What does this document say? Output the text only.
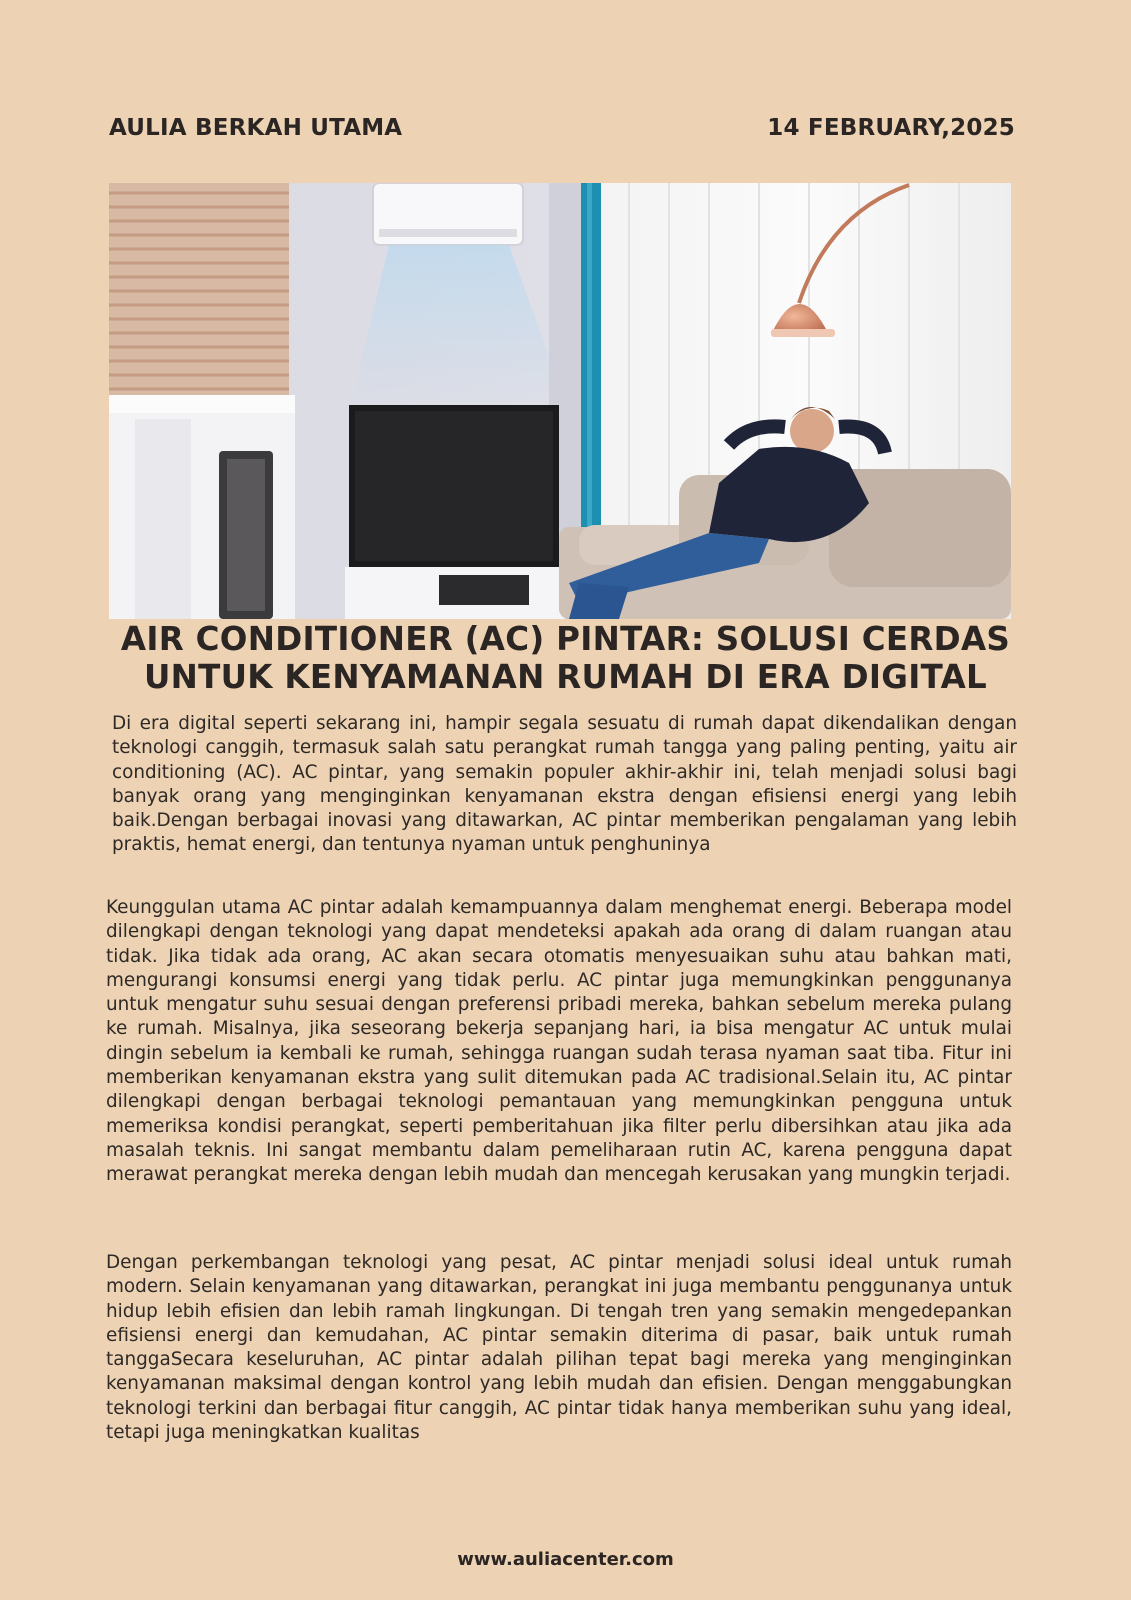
AULIA BERKAH UTAMA	14 FEBRUARY,2025
AIR CONDITIONER (AC) PINTAR: SOLUSI CERDAS UNTUK KENYAMANAN RUMAH DI ERA DIGITAL

Di era digital seperti sekarang ini, hampir segala sesuatu di rumah dapat dikendalikan dengan teknologi canggih, termasuk salah satu perangkat rumah tangga yang paling penting, yaitu air conditioning (AC). AC pintar, yang semakin populer akhir-akhir ini, telah menjadi solusi bagi banyak orang yang menginginkan kenyamanan ekstra dengan efisiensi energi yang lebih baik.Dengan berbagai inovasi yang ditawarkan, AC pintar memberikan pengalaman yang lebih praktis, hemat energi, dan tentunya nyaman untuk penghuninya

Keunggulan utama AC pintar adalah kemampuannya dalam menghemat energi. Beberapa model dilengkapi dengan teknologi yang dapat mendeteksi apakah ada orang di dalam ruangan atau tidak. Jika tidak ada orang, AC akan secara otomatis menyesuaikan suhu atau bahkan mati, mengurangi konsumsi energi yang tidak perlu. AC pintar juga memungkinkan penggunanya untuk mengatur suhu sesuai dengan preferensi pribadi mereka, bahkan sebelum mereka pulang ke rumah. Misalnya, jika seseorang bekerja sepanjang hari, ia bisa mengatur AC untuk mulai dingin sebelum ia kembali ke rumah, sehingga ruangan sudah terasa nyaman saat tiba. Fitur ini memberikan kenyamanan ekstra yang sulit ditemukan pada AC tradisional.Selain itu, AC pintar dilengkapi dengan berbagai teknologi pemantauan yang memungkinkan pengguna untuk memeriksa kondisi perangkat, seperti pemberitahuan jika filter perlu dibersihkan atau jika ada masalah teknis. Ini sangat membantu dalam pemeliharaan rutin AC, karena pengguna dapat merawat perangkat mereka dengan lebih mudah dan mencegah kerusakan yang mungkin terjadi.

Dengan perkembangan teknologi yang pesat, AC pintar menjadi solusi ideal untuk rumah modern. Selain kenyamanan yang ditawarkan, perangkat ini juga membantu penggunanya untuk hidup lebih efisien dan lebih ramah lingkungan. Di tengah tren yang semakin mengedepankan efisiensi energi dan kemudahan, AC pintar semakin diterima di pasar, baik untuk rumah tanggaSecara keseluruhan, AC pintar adalah pilihan tepat bagi mereka yang menginginkan kenyamanan maksimal dengan kontrol yang lebih mudah dan efisien. Dengan menggabungkan teknologi terkini dan berbagai fitur canggih, AC pintar tidak hanya memberikan suhu yang ideal, tetapi juga meningkatkan kualitas

www.auliacenter.com
